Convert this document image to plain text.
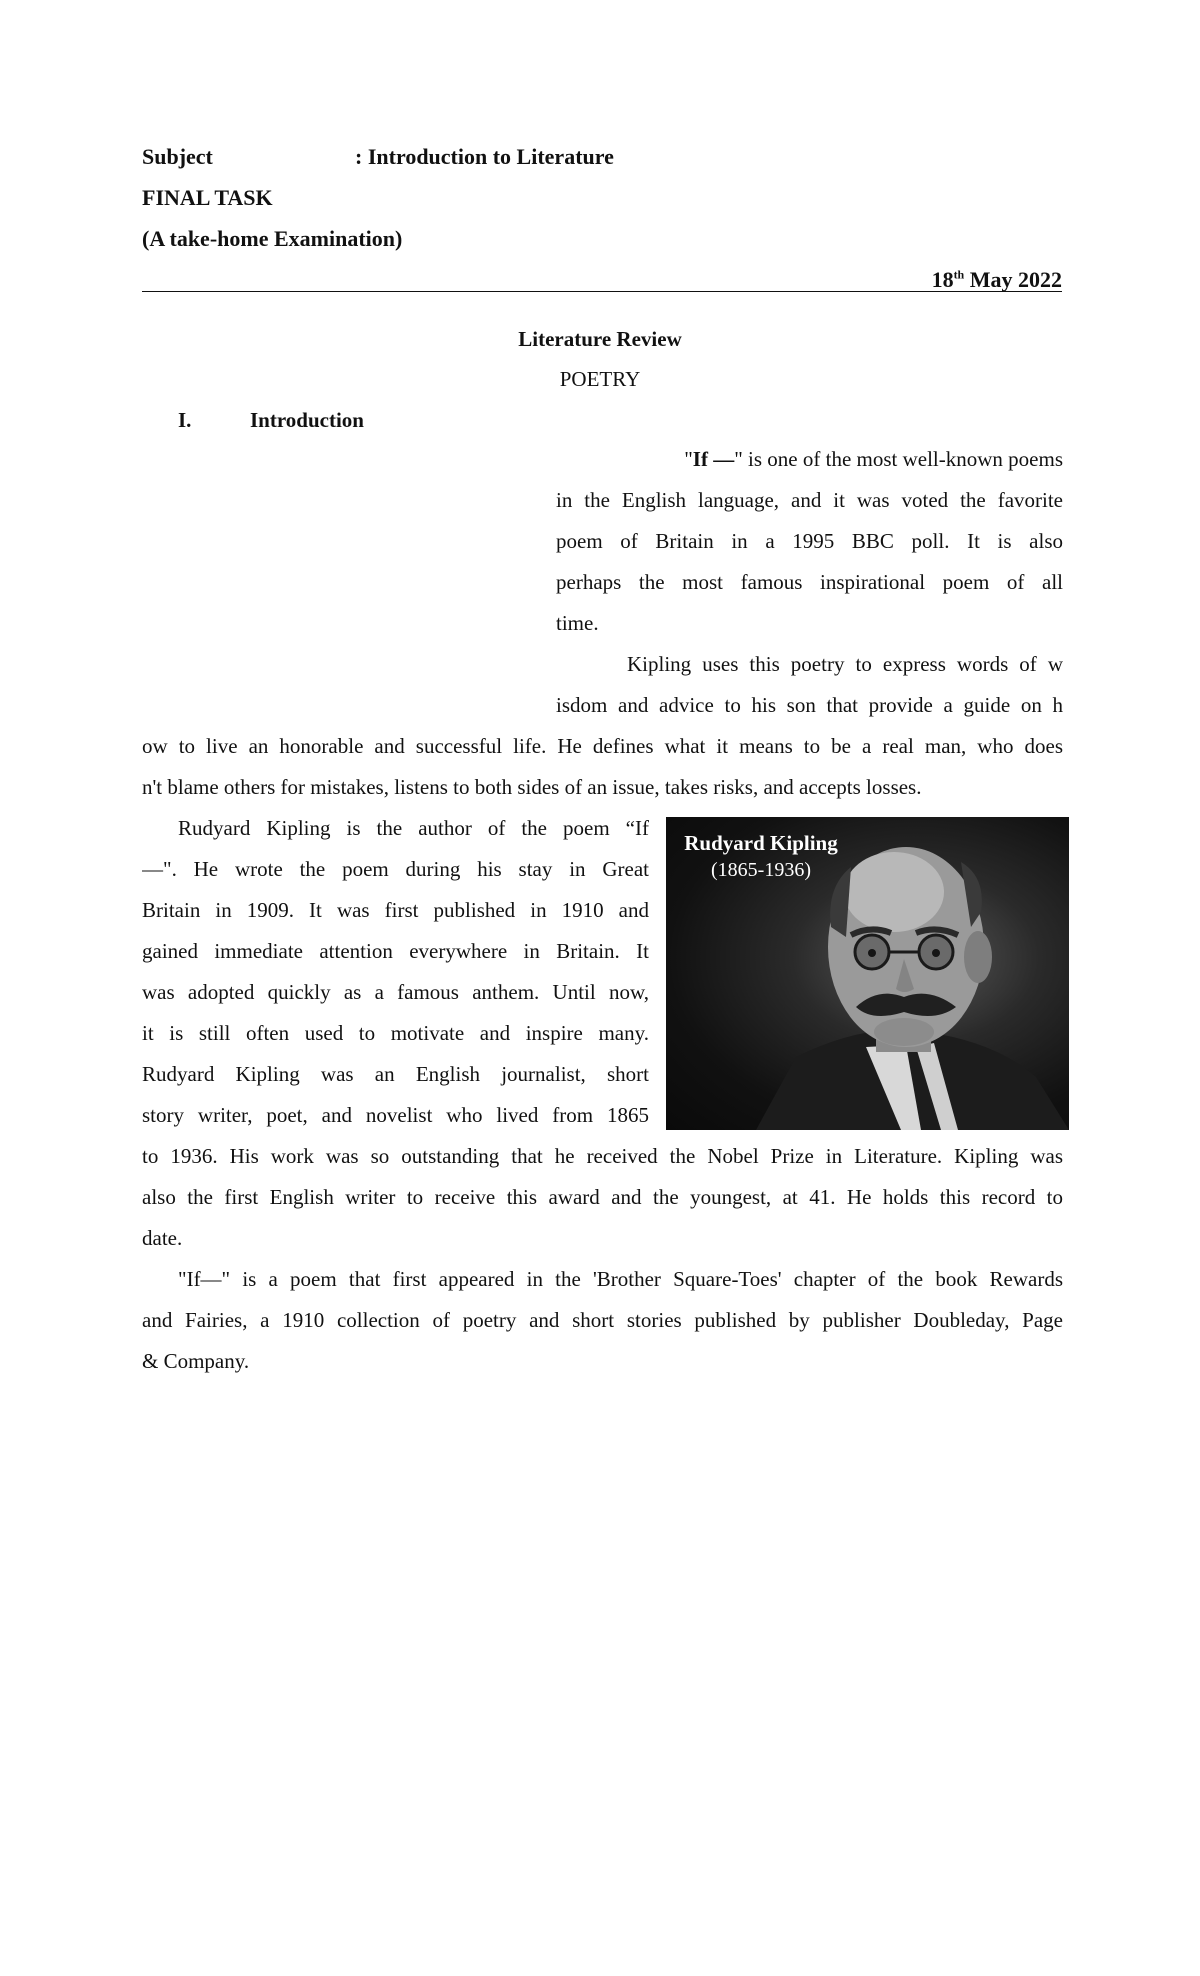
Subject	: Introduction to Literature
FINAL TASK
(A take-home Examination)
18th May 2022
Literature Review
POETRY
I.	Introduction
"If —" is one of the most well-known poems
in the English language, and it was voted the favorite
poem of Britain in a 1995 BBC poll. It is also
perhaps the most famous inspirational poem of all
time.
Kipling uses this poetry to express words of w
isdom and advice to his son that provide a guide on h
ow to live an honorable and successful life. He defines what it means to be a real man, who does
n't blame others for mistakes, listens to both sides of an issue, takes risks, and accepts losses.
Rudyard Kipling is the author of the poem “If
—". He wrote the poem during his stay in Great
Britain in 1909. It was first published in 1910 and
gained immediate attention everywhere in Britain. It
was adopted quickly as a famous anthem. Until now,
it is still often used to motivate and inspire many.
Rudyard Kipling was an English journalist, short
story writer, poet, and novelist who lived from 1865
to 1936. His work was so outstanding that he received the Nobel Prize in Literature. Kipling was
also the first English writer to receive this award and the youngest, at 41. He holds this record to
date.
"If—" is a poem that first appeared in the 'Brother Square-Toes' chapter of the book Rewards
and Fairies, a 1910 collection of poetry and short stories published by publisher Doubleday, Page
& Company.
Rudyard Kipling
(1865-1936)
